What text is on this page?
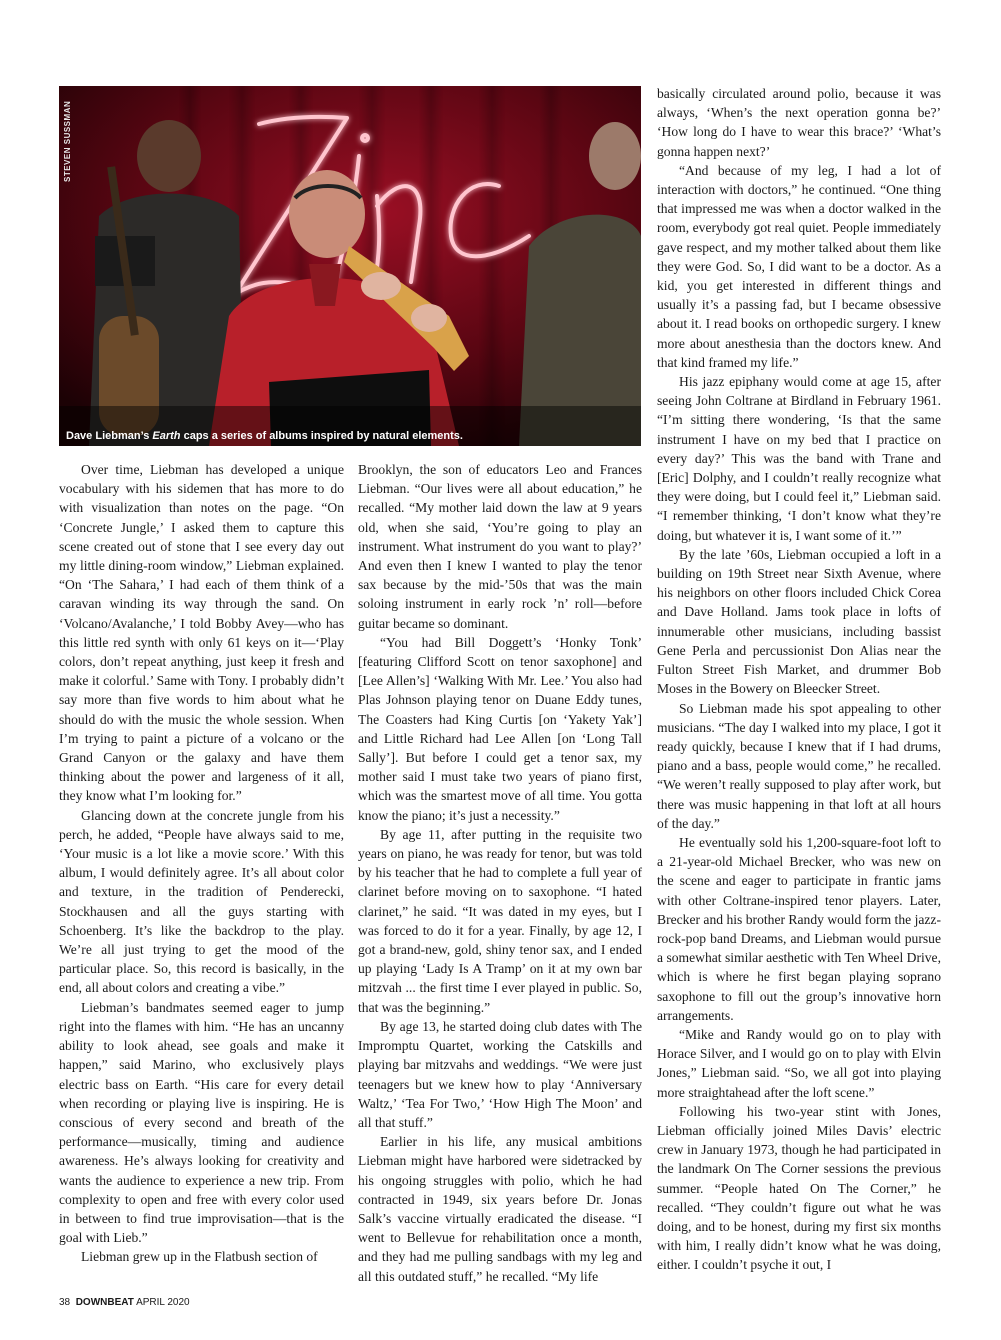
STEVEN SUSSMAN
Dave Liebman’s Earth caps a series of albums inspired by natural elements.

Over time, Liebman has developed a unique vocabulary with his sidemen that has more to do with visualization than notes on the page. “On ‘Concrete Jungle,’ I asked them to capture this scene created out of stone that I see every day out my little dining-room window,” Liebman explained. “On ‘The Sahara,’ I had each of them think of a caravan winding its way through the sand. On ‘Volcano/Avalanche,’ I told Bobby Avey—who has this little red synth with only 61 keys on it—‘Play colors, don’t repeat anything, just keep it fresh and make it colorful.’ Same with Tony. I probably didn’t say more than five words to him about what he should do with the music the whole session. When I’m trying to paint a picture of a volcano or the Grand Canyon or the galaxy and have them thinking about the power and largeness of it all, they know what I’m looking for.”

Glancing down at the concrete jungle from his perch, he added, “People have always said to me, ‘Your music is a lot like a movie score.’ With this album, I would definitely agree. It’s all about color and texture, in the tradition of Penderecki, Stockhausen and all the guys starting with Schoenberg. It’s like the backdrop to the play. We’re all just trying to get the mood of the particular place. So, this record is basically, in the end, all about colors and creating a vibe.”

Liebman’s bandmates seemed eager to jump right into the flames with him. “He has an uncanny ability to look ahead, see goals and make it happen,” said Marino, who exclusively plays electric bass on Earth. “His care for every detail when recording or playing live is inspiring. He is conscious of every second and breath of the performance—musically, timing and audience awareness. He’s always looking for creativity and wants the audience to experience a new trip. From complexity to open and free with every color used in between to find true improvisation—that is the goal with Lieb.”

Liebman grew up in the Flatbush section of

Brooklyn, the son of educators Leo and Frances Liebman. “Our lives were all about education,” he recalled. “My mother laid down the law at 9 years old, when she said, ‘You’re going to play an instrument. What instrument do you want to play?’ And even then I knew I wanted to play the tenor sax because by the mid-’50s that was the main soloing instrument in early rock ’n’ roll—before guitar became so dominant.

“You had Bill Doggett’s ‘Honky Tonk’ [featuring Clifford Scott on tenor saxophone] and [Lee Allen’s] ‘Walking With Mr. Lee.’ You also had Plas Johnson playing tenor on Duane Eddy tunes, The Coasters had King Curtis [on ‘Yakety Yak’] and Little Richard had Lee Allen [on ‘Long Tall Sally’]. But before I could get a tenor sax, my mother said I must take two years of piano first, which was the smartest move of all time. You gotta know the piano; it’s just a necessity.”

By age 11, after putting in the requisite two years on piano, he was ready for tenor, but was told by his teacher that he had to complete a full year of clarinet before moving on to saxophone. “I hated clarinet,” he said. “It was dated in my eyes, but I was forced to do it for a year. Finally, by age 12, I got a brand-new, gold, shiny tenor sax, and I ended up playing ‘Lady Is A Tramp’ on it at my own bar mitzvah ... the first time I ever played in public. So, that was the beginning.”

By age 13, he started doing club dates with The Impromptu Quartet, working the Catskills and playing bar mitzvahs and weddings. “We were just teenagers but we knew how to play ‘Anniversary Waltz,’ ‘Tea For Two,’ ‘How High The Moon’ and all that stuff.”

Earlier in his life, any musical ambitions Liebman might have harbored were sidetracked by his ongoing struggles with polio, which he had contracted in 1949, six years before Dr. Jonas Salk’s vaccine virtually eradicated the disease. “I went to Bellevue for rehabilitation once a month, and they had me pulling sandbags with my leg and all this outdated stuff,” he recalled. “My life

basically circulated around polio, because it was always, ‘When’s the next operation gonna be?’ ‘How long do I have to wear this brace?’ ‘What’s gonna happen next?’

“And because of my leg, I had a lot of interaction with doctors,” he continued. “One thing that impressed me was when a doctor walked in the room, everybody got real quiet. People immediately gave respect, and my mother talked about them like they were God. So, I did want to be a doctor. As a kid, you get interested in different things and usually it’s a passing fad, but I became obsessive about it. I read books on orthopedic surgery. I knew more about anesthesia than the doctors knew. And that kind framed my life.”

His jazz epiphany would come at age 15, after seeing John Coltrane at Birdland in February 1961. “I’m sitting there wondering, ‘Is that the same instrument I have on my bed that I practice on every day?’ This was the band with Trane and [Eric] Dolphy, and I couldn’t really recognize what they were doing, but I could feel it,” Liebman said. “I remember thinking, ‘I don’t know what they’re doing, but whatever it is, I want some of it.’”

By the late ’60s, Liebman occupied a loft in a building on 19th Street near Sixth Avenue, where his neighbors on other floors included Chick Corea and Dave Holland. Jams took place in lofts of innumerable other musicians, including bassist Gene Perla and percussionist Don Alias near the Fulton Street Fish Market, and drummer Bob Moses in the Bowery on Bleecker Street.

So Liebman made his spot appealing to other musicians. “The day I walked into my place, I got it ready quickly, because I knew that if I had drums, piano and a bass, people would come,” he recalled. “We weren’t really supposed to play after work, but there was music happening in that loft at all hours of the day.”

He eventually sold his 1,200-square-foot loft to a 21-year-old Michael Brecker, who was new on the scene and eager to participate in frantic jams with other Coltrane-inspired tenor players. Later, Brecker and his brother Randy would form the jazz-rock-pop band Dreams, and Liebman would pursue a somewhat similar aesthetic with Ten Wheel Drive, which is where he first began playing soprano saxophone to fill out the group’s innovative horn arrangements.

“Mike and Randy would go on to play with Horace Silver, and I would go on to play with Elvin Jones,” Liebman said. “So, we all got into playing more straightahead after the loft scene.”

Following his two-year stint with Jones, Liebman officially joined Miles Davis’ electric crew in January 1973, though he had participated in the landmark On The Corner sessions the previous summer. “People hated On The Corner,” he recalled. “They couldn’t figure out what he was doing, and to be honest, during my first six months with him, I really didn’t know what he was doing, either. I couldn’t psyche it out, I

38 DOWNBEAT APRIL 2020
